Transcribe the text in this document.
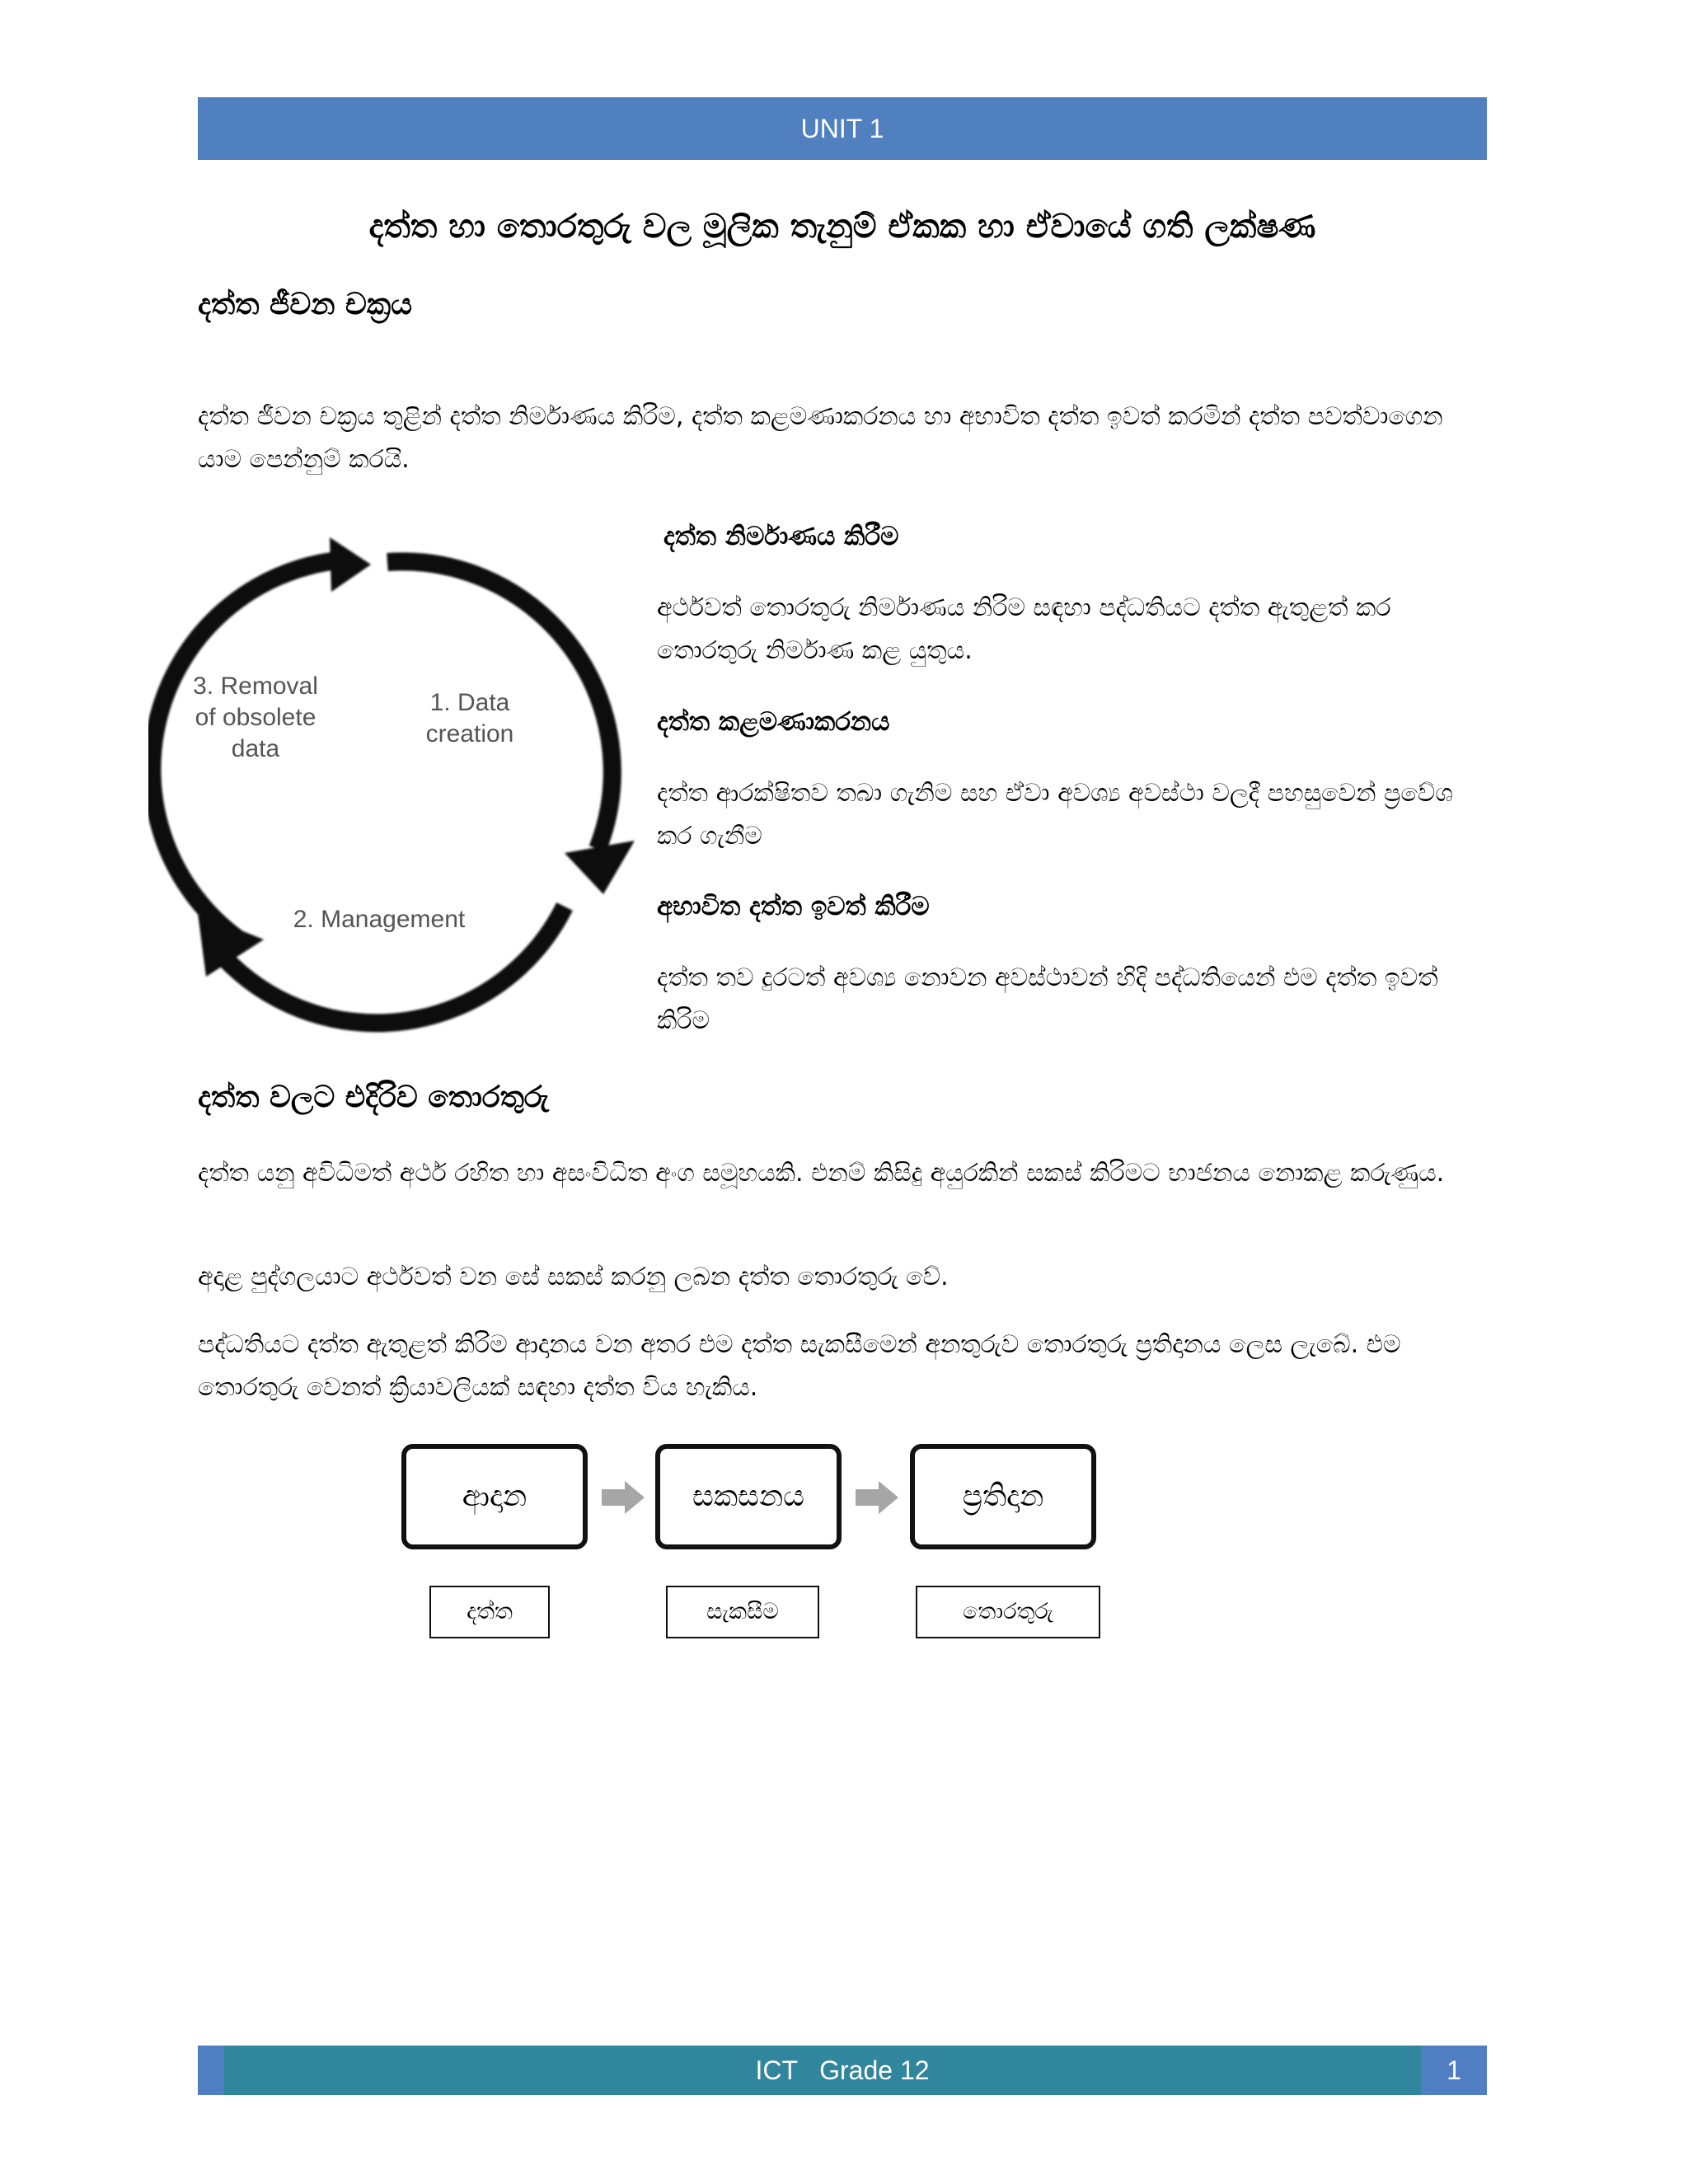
UNIT 1
දත්ත හා තොරතුරු වල මූලික තැනුම් ඒකක හා ඒවායේ ගති ලක්ෂණ
දත්ත ජීවන චක්‍රය

දත්ත ජීවන චක්‍රය තුළින් දත්ත නිර්මාණය කිරිම, දත්ත කළමණාකරනය හා අභාවිත දත්ත ඉවත් කරමින් දත්ත පවත්වාගෙන යාම පෙන්නුම් කරයි.

3. Removal
of obsolete
data
1. Data
creation
2. Management
දත්ත නිර්මාණය කිරීම

අර්ථවත් තොරතුරු නිර්මාණය නිරිම සඳහා පද්ධතියට දත්ත ඇතුළත් කර තොරතුරු නිර්මාණ කළ යුතුය.

දත්ත කළමණාකරනය

දත්ත ආරක්ෂිතව තබා ගැනිම සහ ඒවා අවශ්‍ය අවස්ථා වලදී පහසුවෙන් ප්‍රවේශ කර ගැනීම

අභාවිත දත්ත ඉවත් කිරීම

දත්ත තව දුරටත් අවශ්‍ය නොවන අවස්ථාවන් හිදි පද්ධතියෙන් එම දත්ත ඉවත් කිරිම

දත්ත වලට එදිරිව තොරතුරු

දත්ත යනු අවිධිමත් අර්ථ රහිත හා අසංවිධිත අංග සමූහයකි. එනම් කිසිදු අයුරකින් සකස් කිරිමට භාජනය නොකළ කරුණුය.

අදාළ පුද්ගලයාට අර්ථවත් වන සේ සකස් කරනු ලබන දත්ත තොරතුරු වේ.

පද්ධතියට දත්ත ඇතුළත් කිරිම ආදානය වන අතර එම දත්ත සැකසීමෙන් අනතුරුව තොරතුරු ප්‍රතිදානය ලෙස ලැබේ. එම තොරතුරු වෙනත් ක්‍රියාවලියක් සඳහා දත්ත විය හැකිය.

ආදාන	සකසනය	ප්‍රතිදාන
දත්ත	සැකසීම	තොරතුරු
ICT   Grade 12	1
